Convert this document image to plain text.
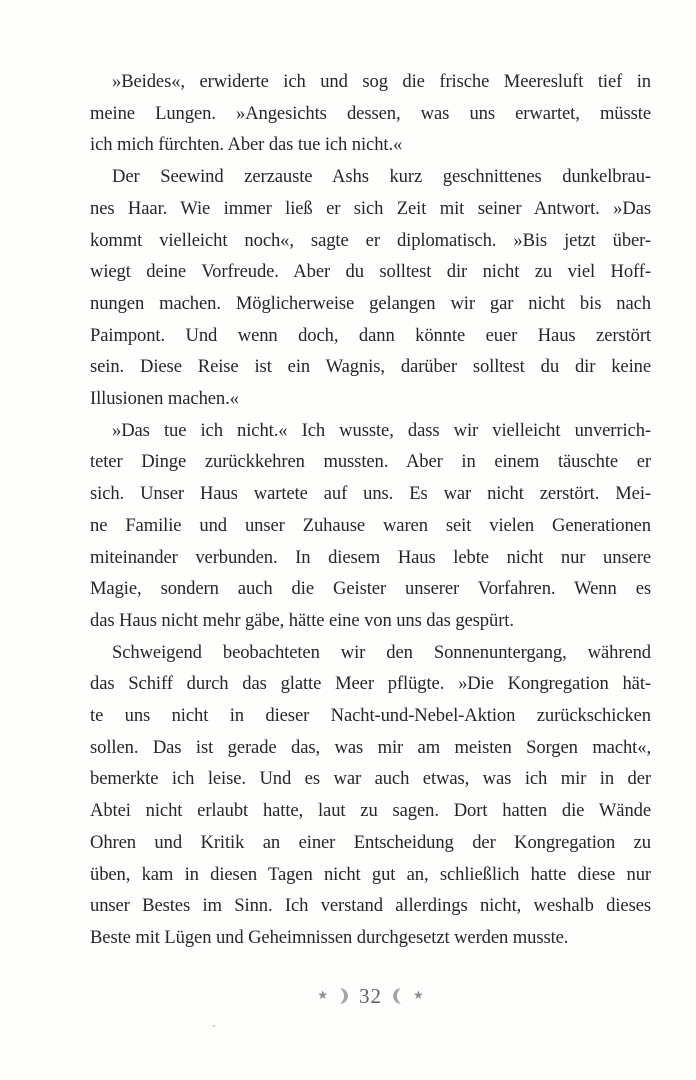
»Beides«, erwiderte ich und sog die frische Meeresluft tief in
meine Lungen. »Angesichts dessen, was uns erwartet, müsste
ich mich fürchten. Aber das tue ich nicht.«
Der Seewind zerzauste Ashs kurz geschnittenes dunkelbrau-
nes Haar. Wie immer ließ er sich Zeit mit seiner Antwort. »Das
kommt vielleicht noch«, sagte er diplomatisch. »Bis jetzt über-
wiegt deine Vorfreude. Aber du solltest dir nicht zu viel Hoff-
nungen machen. Möglicherweise gelangen wir gar nicht bis nach
Paimpont. Und wenn doch, dann könnte euer Haus zerstört
sein. Diese Reise ist ein Wagnis, darüber solltest du dir keine
Illusionen machen.«
»Das tue ich nicht.« Ich wusste, dass wir vielleicht unverrich-
teter Dinge zurückkehren mussten. Aber in einem täuschte er
sich. Unser Haus wartete auf uns. Es war nicht zerstört. Mei-
ne Familie und unser Zuhause waren seit vielen Generationen
miteinander verbunden. In diesem Haus lebte nicht nur unsere
Magie, sondern auch die Geister unserer Vorfahren. Wenn es
das Haus nicht mehr gäbe, hätte eine von uns das gespürt.
Schweigend beobachteten wir den Sonnenuntergang, während
das Schiff durch das glatte Meer pflügte. »Die Kongregation hät-
te uns nicht in dieser Nacht-und-Nebel-Aktion zurückschicken
sollen. Das ist gerade das, was mir am meisten Sorgen macht«,
bemerkte ich leise. Und es war auch etwas, was ich mir in der
Abtei nicht erlaubt hatte, laut zu sagen. Dort hatten die Wände
Ohren und Kritik an einer Entscheidung der Kongregation zu
üben, kam in diesen Tagen nicht gut an, schließlich hatte diese nur
unser Bestes im Sinn. Ich verstand allerdings nicht, weshalb dieses
Beste mit Lügen und Geheimnissen durchgesetzt werden musste.
★ 32	★
